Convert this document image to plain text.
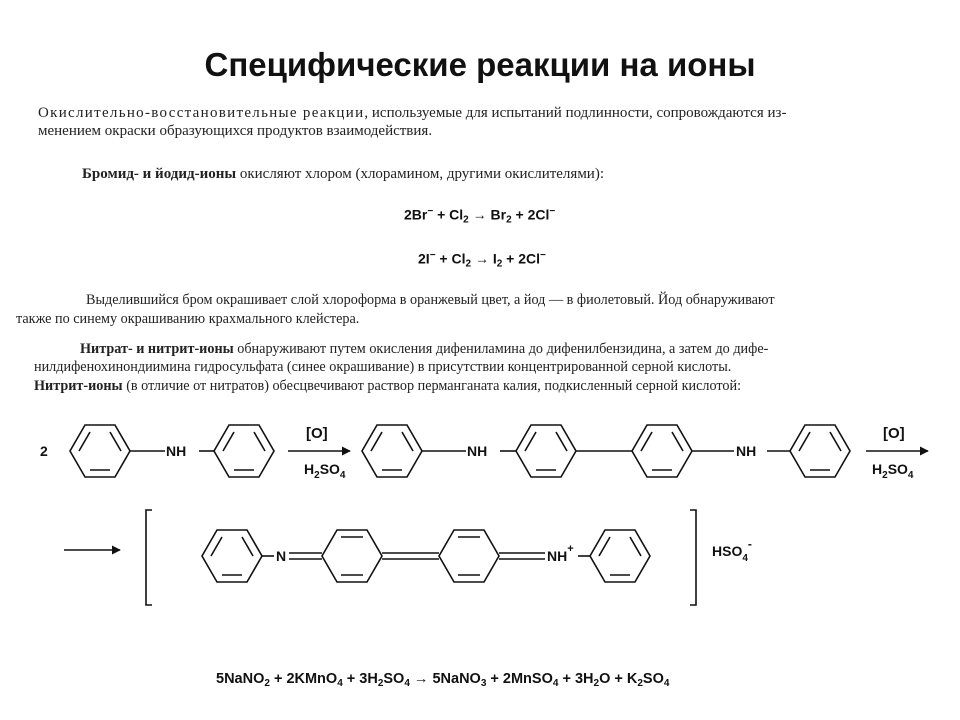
Специфические реакции на ионы
Окислительно-восстановительные реакции, используемые для испытаний подлинности, сопровождаются из-
менением окраски образующихся продуктов взаимодействия.
Бромид- и йодид-ионы окисляют хлором (хлорамином, другими окислителями):
$2Br^- + Cl_2 \to Br_2 + 2Cl^-$
$2I^- + Cl_2 \to I_2 + 2Cl^-$
Выделившийся бром окрашивает слой хлороформа в оранжевый цвет, а йод — в фиолетовый. Йод обнаруживают
также по синему окрашиванию крахмального клейстера.
Нитрат- и нитрит-ионы обнаруживают путем окисления дифениламина до дифенилбензидина, а затем до дифе-
нилдифенохинондиимина гидросульфата (синее окрашивание) в присутствии концентрированной серной кислоты.
Нитрит-ионы (в отличие от нитратов) обесцвечивают раствор перманганата калия, подкисленный серной кислотой:
2	NH	NH	NH
[O]
$H_2SO_4$
[O]
$H_2SO_4$
N	NH+	$HSO_4-$
5NaNO$_2$ + 2KMnO$_4$ + $3H_2SO_4$ → 5NaNO$_3$ + 2MnSO$_4$ + $3H_2O + K_2SO_4$
